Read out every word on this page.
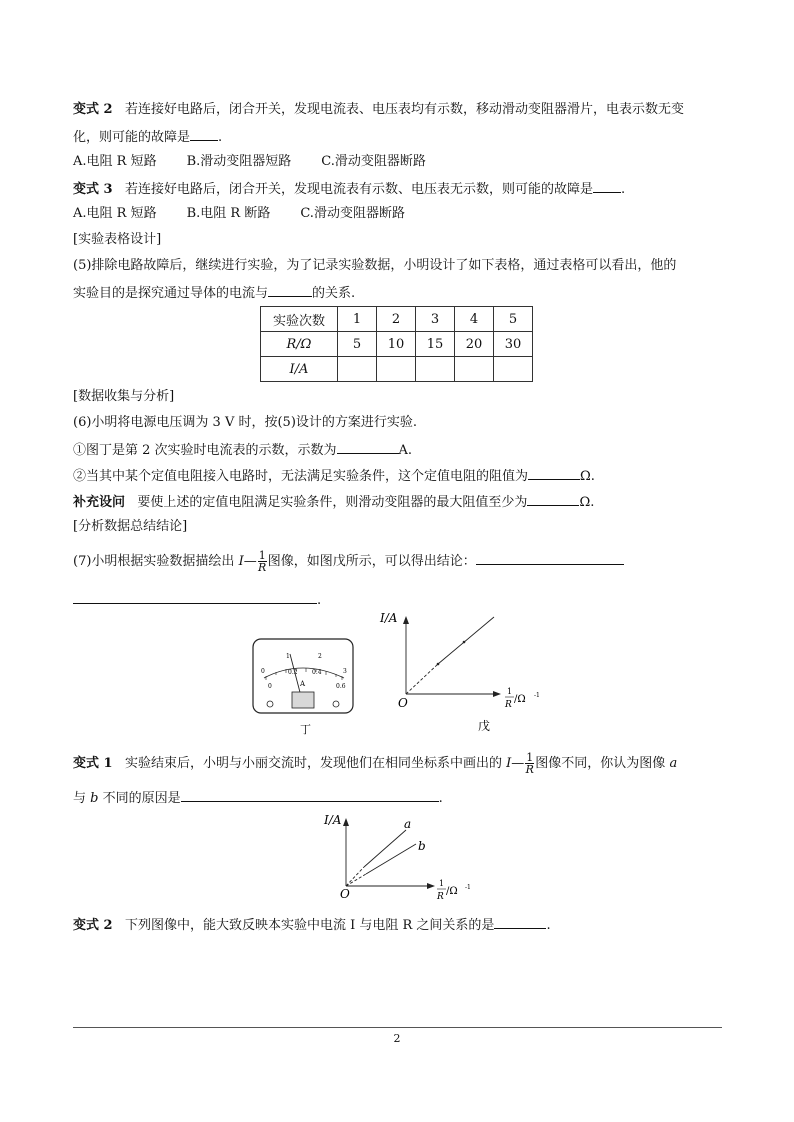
变式 2 若连接好电路后，闭合开关，发现电流表、电压表均有示数，移动滑动变阻器滑片，电表示数无变
化，则可能的故障是 .
A.电阻 R 短路 B.滑动变阻器短路 C.滑动变阻器断路
变式 3 若连接好电路后，闭合开关，发现电流表有示数、电压表无示数，则可能的故障是 .
A.电阻 R 短路 B.电阻 R 断路 C.滑动变阻器断路
[实验表格设计]
(5)排除电路故障后，继续进行实验，为了记录实验数据，小明设计了如下表格，通过表格可以看出，他的
实验目的是探究通过导体的电流与	的关系.
实验次数	1	2	3	4	5
R/Ω	5	10	15	20	30
I/A					
[数据收集与分析]
(6)小明将电源电压调为 3 V 时，按(5)设计的方案进行实验.
①图丁是第 2 次实验时电流表的示数，示数为	A.
②当其中某个定值电阻接入电路时，无法满足实验条件，这个定值电阻的阻值为	Ω.
补充设问 要使上述的定值电阻满足实验条件，则滑动变阻器的最大阻值至少为	Ω.
[分析数据总结结论]
(7)小明根据实验数据描绘出 I— $\frac{1}{R}$ 图像，如图戊所示，可以得出结论：
.
0
1	2
3
0
0.2 0.4
0.6
A
丁
I/A
O
1
R /Ω -1
戊
变式 1 实验结束后，小明与小丽交流时，发现他们在相同坐标系中画出的 I— $\frac{1}{R}$ 图像不同，你认为图像 a
与 b 不同的原因是	.
I/A
O
a
b
1
R /Ω -1
变式 2 下列图像中，能大致反映本实验中电流 I 与电阻 R 之间关系的是	.
2
